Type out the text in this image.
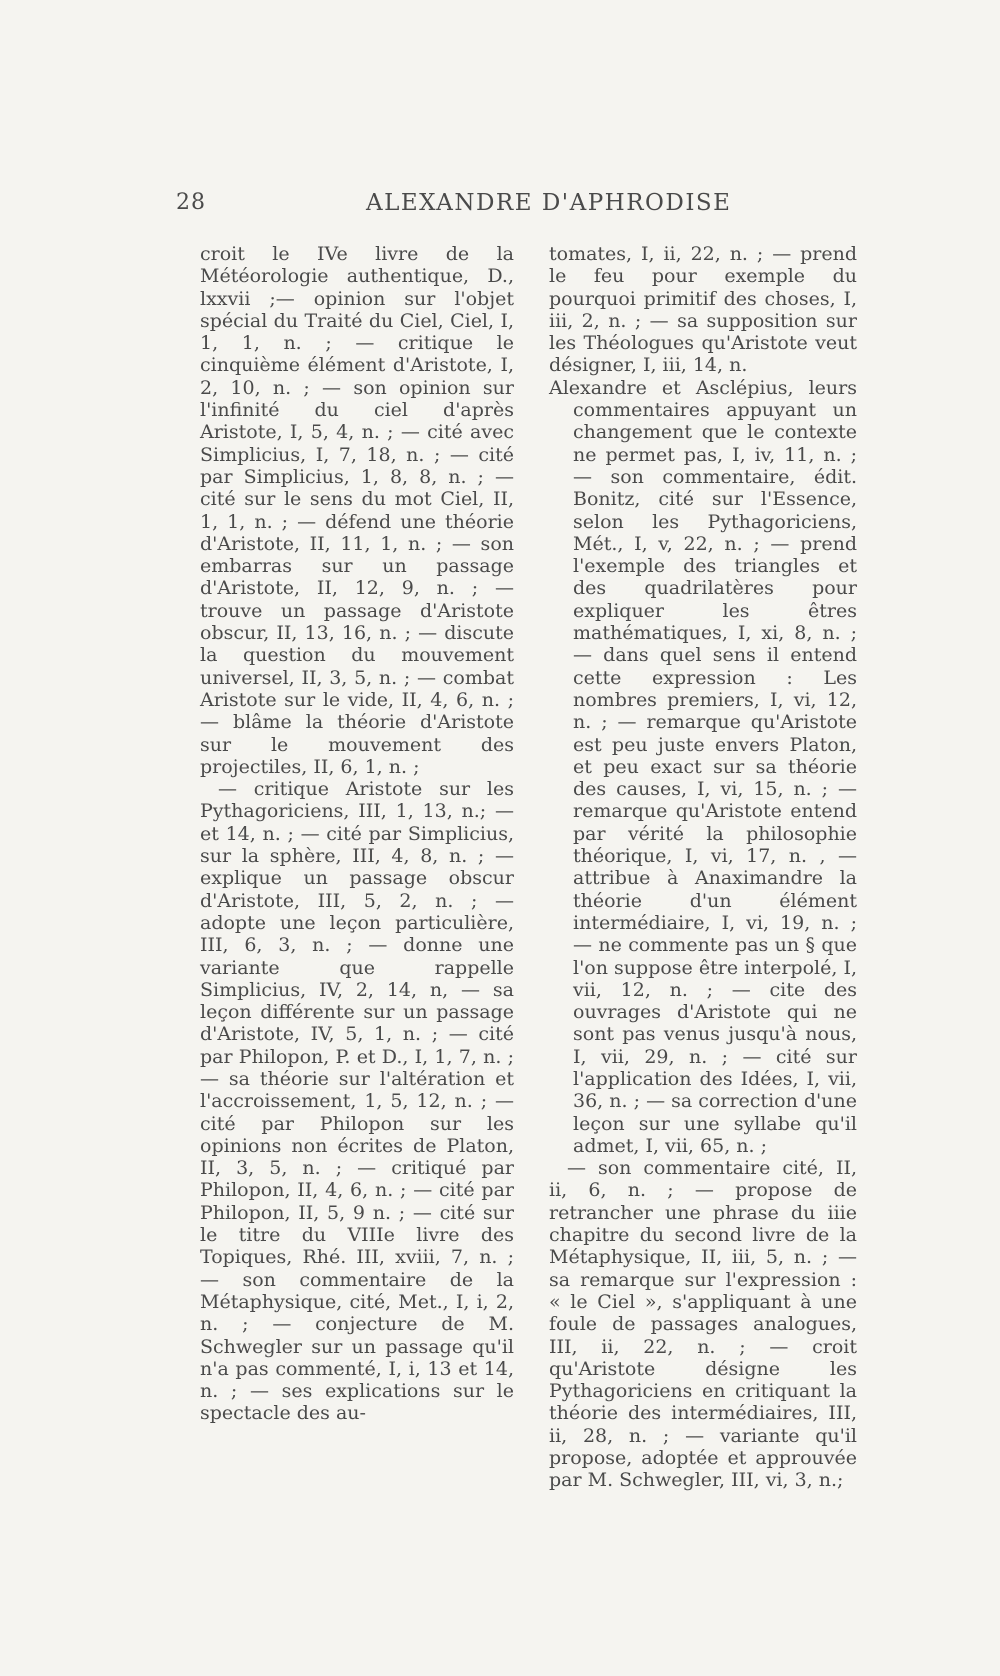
28	ALEXANDRE D'APHRODISE

croit le IVe livre de la Météorologie authentique, D., lxxvii ;— opinion sur l'objet spécial du Traité du Ciel, Ciel, I, 1, 1, n. ; — critique le cinquième élément d'Aristote, I, 2, 10, n. ; — son opinion sur l'infinité du ciel d'après Aristote, I, 5, 4, n. ; — cité avec Simplicius, I, 7, 18, n. ; — cité par Simplicius, 1, 8, 8, n. ; — cité sur le sens du mot Ciel, II, 1, 1, n. ; — défend une théorie d'Aristote, II, 11, 1, n. ; — son embarras sur un passage d'Aristote, II, 12, 9, n. ; — trouve un passage d'Aristote obscur, II, 13, 16, n. ; — discute la question du mouvement universel, II, 3, 5, n. ; — combat Aristote sur le vide, II, 4, 6, n. ; — blâme la théorie d'Aristote sur le mouvement des projectiles, II, 6, 1, n. ;

— critique Aristote sur les Pythagoriciens, III, 1, 13, n.; — et 14, n. ; — cité par Simplicius, sur la sphère, III, 4, 8, n. ; — explique un passage obscur d'Aristote, III, 5, 2, n. ; — adopte une leçon particulière, III, 6, 3, n. ; — donne une variante que rappelle Simplicius, IV, 2, 14, n, — sa leçon différente sur un passage d'Aristote, IV, 5, 1, n. ; — cité par Philopon, P. et D., I, 1, 7, n. ; — sa théorie sur l'altération et l'accroissement, 1, 5, 12, n. ; — cité par Philopon sur les opinions non écrites de Platon, II, 3, 5, n. ; — critiqué par Philopon, II, 4, 6, n. ; — cité par Philopon, II, 5, 9 n. ; — cité sur le titre du VIIIe livre des Topiques, Rhé. III, xviii, 7, n. ; — son commentaire de la Métaphysique, cité, Met., I, i, 2, n. ; — conjecture de M. Schwegler sur un passage qu'il n'a pas commenté, I, i, 13 et 14, n. ; — ses explications sur le spectacle des au-

tomates, I, ii, 22, n. ; — prend le feu pour exemple du pourquoi primitif des choses, I, iii, 2, n. ; — sa supposition sur les Théologues qu'Aristote veut désigner, I, iii, 14, n.

Alexandre et Asclépius, leurs commentaires appuyant un changement que le contexte ne permet pas, I, iv, 11, n. ; — son commentaire, édit. Bonitz, cité sur l'Essence, selon les Pythagoriciens, Mét., I, v, 22, n. ; — prend l'exemple des triangles et des quadrilatères pour expliquer les êtres mathématiques, I, xi, 8, n. ; — dans quel sens il entend cette expression : Les nombres premiers, I, vi, 12, n. ; — remarque qu'Aristote est peu juste envers Platon, et peu exact sur sa théorie des causes, I, vi, 15, n. ; — remarque qu'Aristote entend par vérité la philosophie théorique, I, vi, 17, n. , — attribue à Anaximandre la théorie d'un élément intermédiaire, I, vi, 19, n. ; — ne commente pas un § que l'on suppose être interpolé, I, vii, 12, n. ; — cite des ouvrages d'Aristote qui ne sont pas venus jusqu'à nous, I, vii, 29, n. ; — cité sur l'application des Idées, I, vii, 36, n. ; — sa correction d'une leçon sur une syllabe qu'il admet, I, vii, 65, n. ;

— son commentaire cité, II, ii, 6, n. ; — propose de retrancher une phrase du iiie chapitre du second livre de la Métaphysique, II, iii, 5, n. ; — sa remarque sur l'expression : « le Ciel », s'appliquant à une foule de passages analogues, III, ii, 22, n. ; — croit qu'Aristote désigne les Pythagoriciens en critiquant la théorie des intermédiaires, III, ii, 28, n. ; — variante qu'il propose, adoptée et approuvée par M. Schwegler, III, vi, 3, n.;
